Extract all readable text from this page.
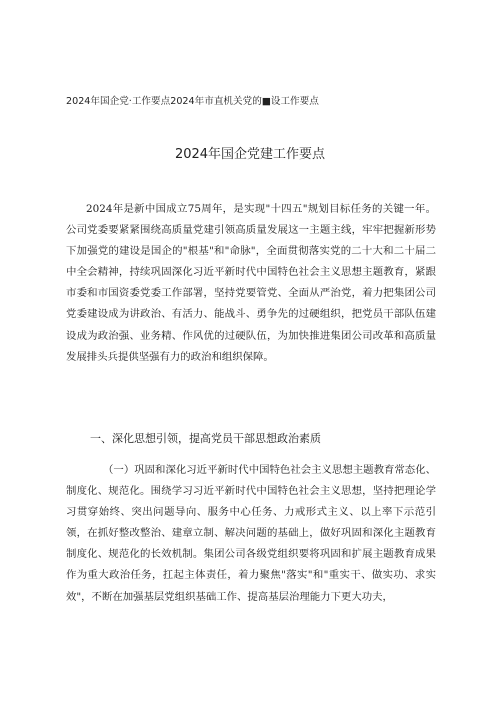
2024年国企党·工作要点2024年市直机关党的■设工作要点
2024年国企党建工作要点
2024年是新中国成立75周年，是实现"十四五"规划目标任务的关键一年。公司党委要紧紧围绕高质量党建引领高质量发展这一主题主线，牢牢把握新形势下加强党的建设是国企的"根基"和"命脉"，全面贯彻落实党的二十大和二十届二中全会精神，持续巩固深化习近平新时代中国特色社会主义思想主题教育，紧跟市委和市国资委党委工作部署，坚持党要管党、全面从严治党，着力把集团公司党委建设成为讲政治、有活力、能战斗、勇争先的过硬组织，把党员干部队伍建设成为政治强、业务精、作风优的过硬队伍，为加快推进集团公司改革和高质量发展排头兵提供坚强有力的政治和组织保障。
一、深化思想引领，提高党员干部思想政治素质
（一）巩固和深化习近平新时代中国特色社会主义思想主题教育常态化、制度化、规范化。围绕学习习近平新时代中国特色社会主义思想，坚持把理论学习贯穿始终、突出问题导向、服务中心任务、力戒形式主义、以上率下示范引领，在抓好整改整治、建章立制、解决问题的基础上，做好巩固和深化主题教育制度化、规范化的长效机制。集团公司各级党组织要将巩固和扩展主题教育成果作为重大政治任务，扛起主体责任，着力聚焦"落实"和"重实干、做实功、求实效"，不断在加强基层党组织基础工作、提高基层治理能力下更大功夫，
